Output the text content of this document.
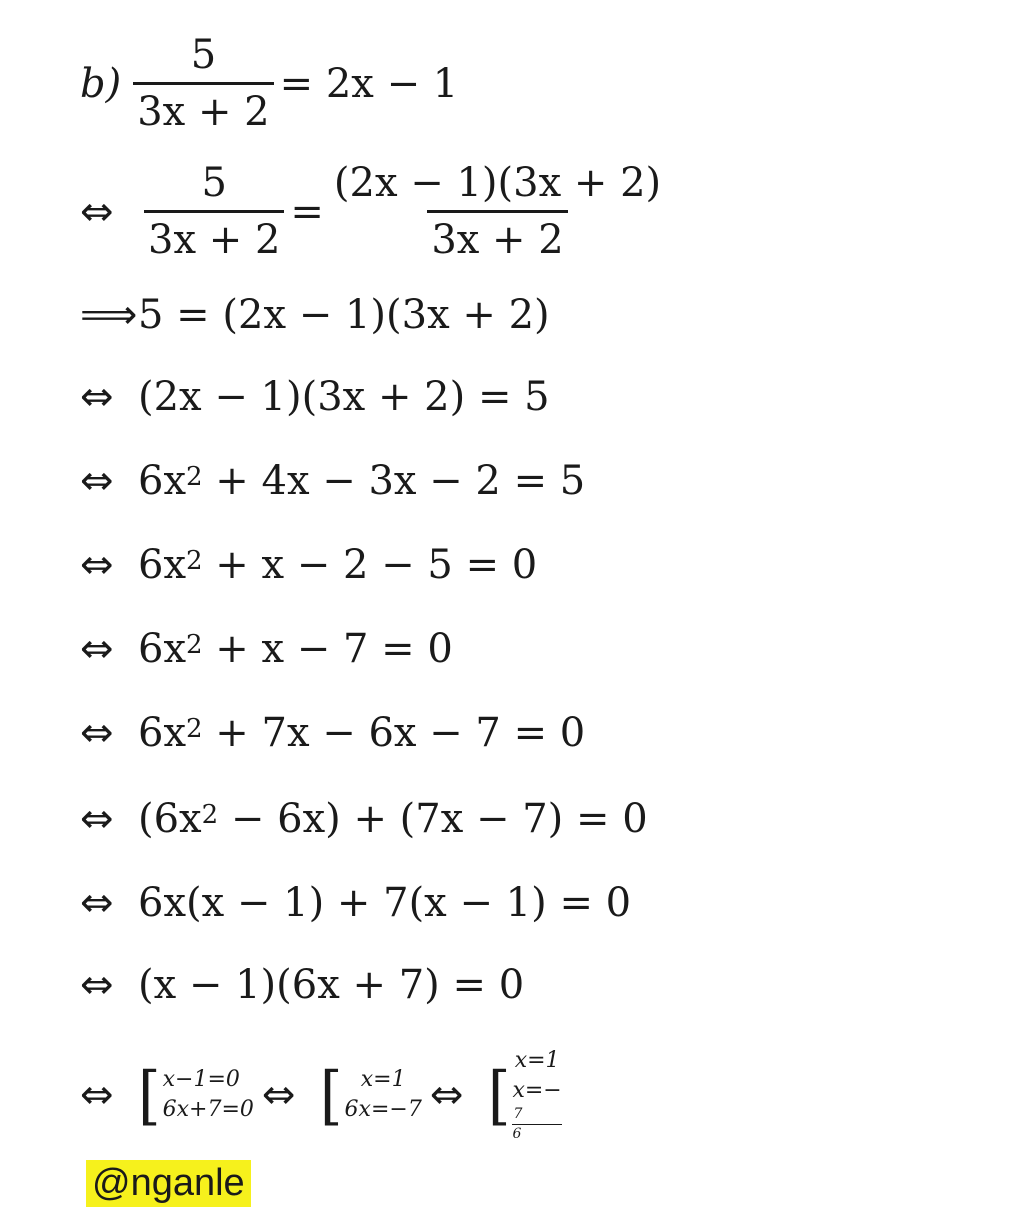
$b) \frac{5}{3x + 2} = 2x - 1$
⇔ $\frac{5}{3x + 2} = \frac{(2x - 1)(3x + 2)}{3x + 2}$
⟹ 5 = (2x − 1)(3x + 2)
⇔ (2x − 1)(3x + 2) = 5
⇔ $6x^2 + 4x - 3x - 2 = 5$
⇔ $6x^2 + x - 2 - 5 = 0$
⇔ $6x^2 + x - 7 = 0$
⇔ $6x^2 + 7x - 6x - 7 = 0$
⇔ $(6x^2 - 6x) + (7x - 7) = 0$
⇔ 6x(x − 1) + 7(x − 1) = 0
⇔ (x − 1)(6x + 7) = 0
⇔ [ x−1=0
6x+7=0 ⇔ [ x=1
6x=−7 ⇔ [ x=1
x=−
7
6
@nganle
